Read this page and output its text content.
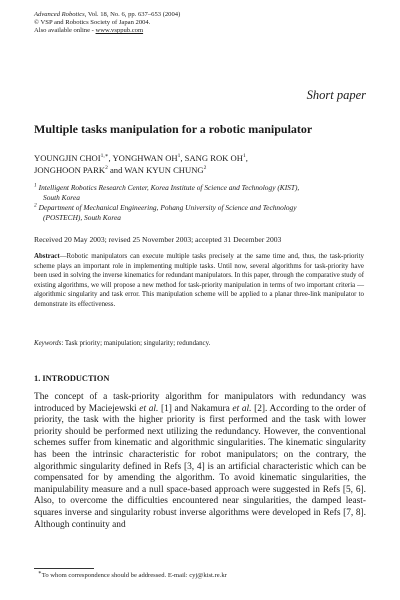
Advanced Robotics, Vol. 18, No. 6, pp. 637–653 (2004)
© VSP and Robotics Society of Japan 2004.
Also available online - www.vsppub.com
Short paper
Multiple tasks manipulation for a robotic manipulator
YOUNGJIN $CHOI^{1,∗}$, YONGHWAN $OH^1$, SANG ROK $OH^1$,
JONGHOON PARK$^2$ and WAN KYUN CHUNG$^2$
$^1$ Intelligent Robotics Research Center, Korea Institute of Science and Technology (KIST),
South Korea
$^2$ Department of Mechanical Engineering, Pohang University of Science and Technology
(POSTECH), South Korea
Received 20 May 2003; revised 25 November 2003; accepted 31 December 2003
Abstract—Robotic manipulators can execute multiple tasks precisely at the same time and, thus, the task-priority scheme plays an important role in implementing multiple tasks. Until now, several algorithms for task-priority have been used in solving the inverse kinematics for redundant manipulators. In this paper, through the comparative study of existing algorithms, we will propose a new method for task-priority manipulation in terms of two important criteria — algorithmic singularity and task error. This manipulation scheme will be applied to a planar three-link manipulator to demonstrate its effectiveness.
Keywords: Task priority; manipulation; singularity; redundancy.
1. INTRODUCTION
The concept of a task-priority algorithm for manipulators with redundancy was introduced by Maciejewski et al. [1] and Nakamura et al. [2]. According to the order of priority, the task with the higher priority is first performed and the task with lower priority should be performed next utilizing the redundancy. However, the conventional schemes suffer from kinematic and algorithmic singularities. The kinematic singularity has been the intrinsic characteristic for robot manipulators; on the contrary, the algorithmic singularity defined in Refs [3, 4] is an artificial characteristic which can be compensated for by amending the algorithm. To avoid kinematic singularities, the manipulability measure and a null space-based approach were suggested in Refs [5, 6]. Also, to overcome the difficulties encountered near singularities, the damped least-squares inverse and singularity robust inverse algorithms were developed in Refs [7, 8]. Although continuity and
∗To whom correspondence should be addressed. E-mail: cyj@kist.re.kr
